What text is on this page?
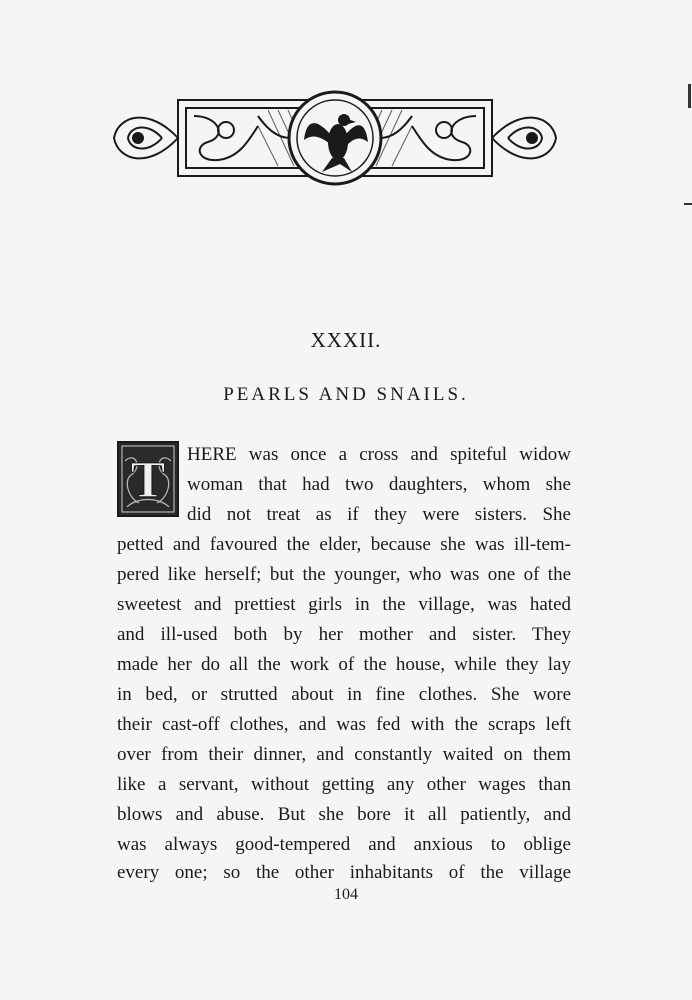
XXXII.
PEARLS AND SNAILS.
T HERE was once a cross and spiteful widow
woman that had two daughters, whom she
did not treat as if they were sisters. She
petted and favoured the elder, because she was ill-tem-
pered like herself; but the younger, who was one of the
sweetest and prettiest girls in the village, was hated
and ill-used both by her mother and sister. They
made her do all the work of the house, while they lay
in bed, or strutted about in fine clothes. She wore
their cast-off clothes, and was fed with the scraps left
over from their dinner, and constantly waited on them
like a servant, without getting any other wages than
blows and abuse. But she bore it all patiently, and
was always good-tempered and anxious to oblige
every one; so the other inhabitants of the village
104
